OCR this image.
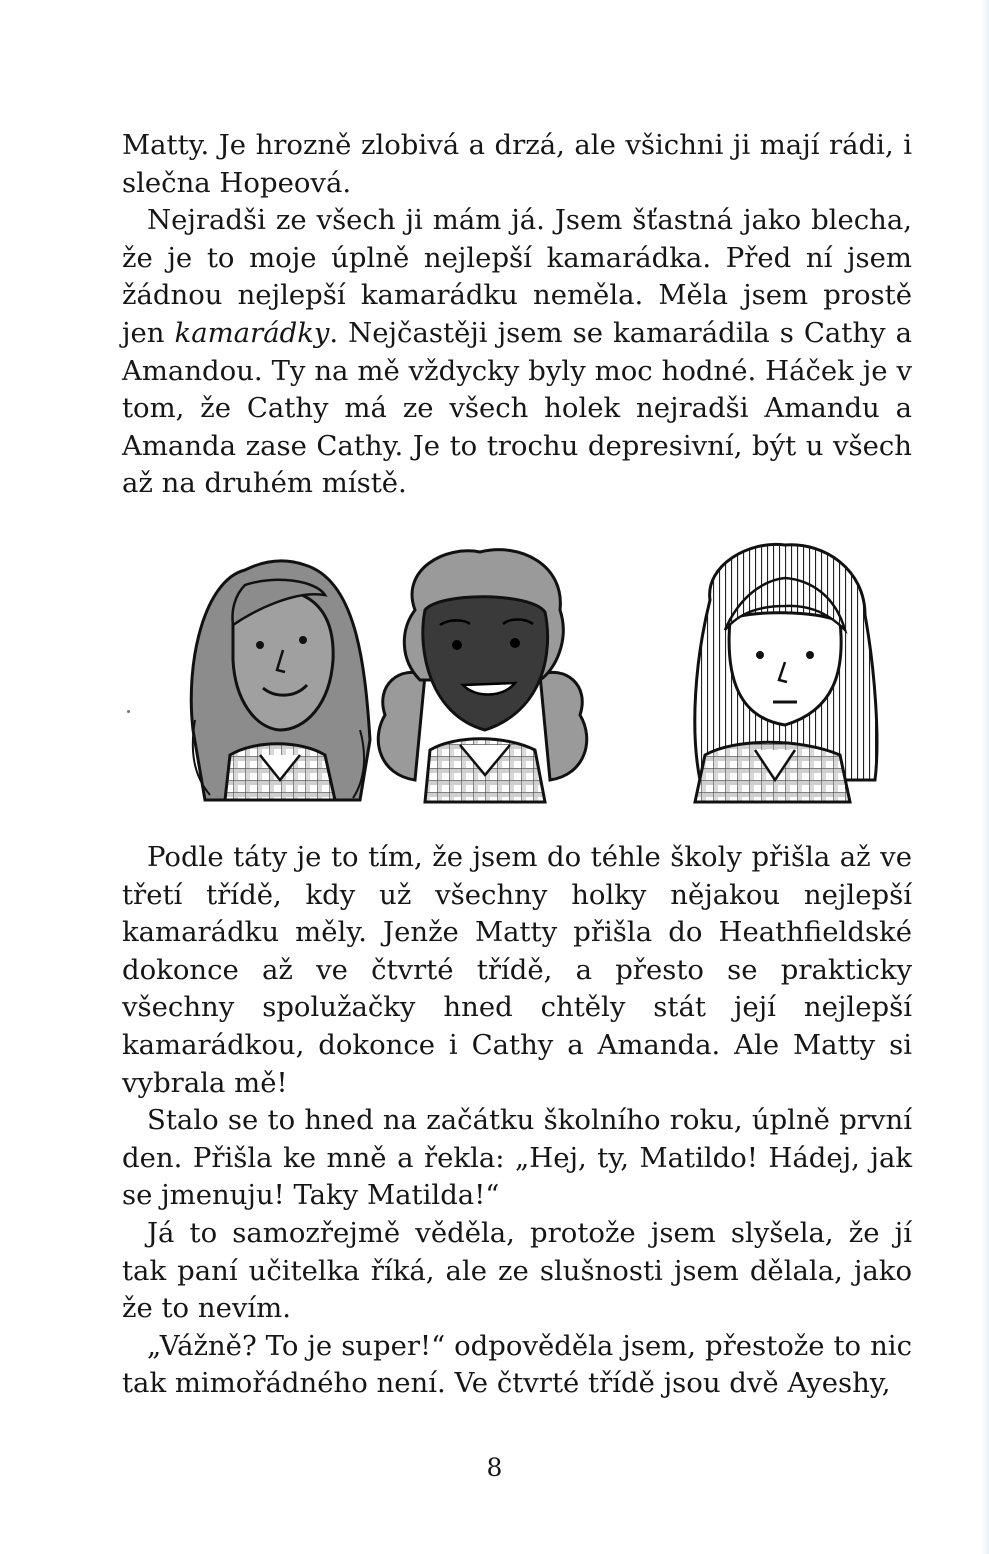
Matty. Je hrozně zlobivá a drzá, ale všichni ji mají rádi, i slečna Hopeová.

Nejradši ze všech ji mám já. Jsem šťastná jako blecha, že je to moje úplně nejlepší kamarádka. Před ní jsem žádnou nejlepší kamarádku neměla. Měla jsem prostě jen kamarádky. Nejčastěji jsem se kamarádila s Cathy a Amandou. Ty na mě vždycky byly moc hodné. Háček je v tom, že Cathy má ze všech holek nejradši Amandu a Amanda zase Cathy. Je to trochu depresivní, být u všech až na druhém místě.

Podle táty je to tím, že jsem do téhle školy přišla až ve třetí třídě, kdy už všechny holky nějakou nejlepší kamarádku měly. Jenže Matty přišla do Heathfieldské dokonce až ve čtvrté třídě, a přesto se prakticky všechny spolužačky hned chtěly stát její nejlepší kamarádkou, dokonce i Cathy a Amanda. Ale Matty si vybrala mě!

Stalo se to hned na začátku školního roku, úplně první den. Přišla ke mně a řekla: „Hej, ty, Matildo! Hádej, jak se jmenuju! Taky Matilda!“

Já to samozřejmě věděla, protože jsem slyšela, že jí tak paní učitelka říká, ale ze slušnosti jsem dělala, jako že to nevím.

„Vážně? To je super!“ odpověděla jsem, přestože to nic tak mimořádného není. Ve čtvrté třídě jsou dvě Ayeshy,

8
